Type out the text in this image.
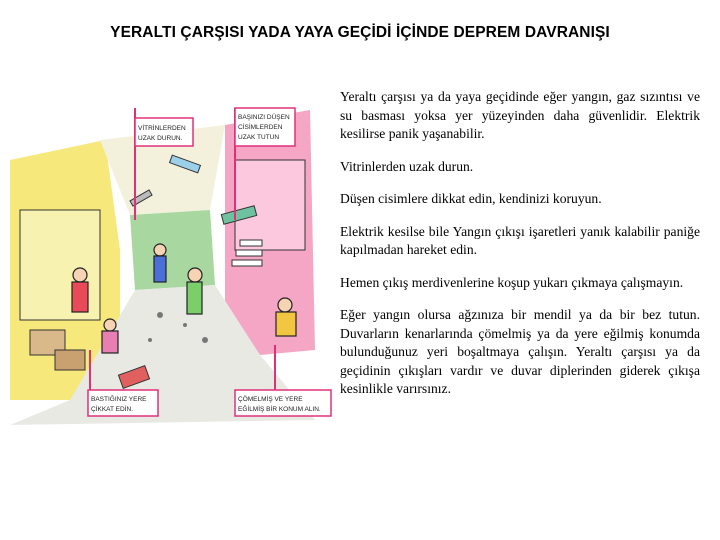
YERALTI ÇARŞISI YADA YAYA GEÇİDİ İÇİNDE DEPREM DAVRANIŞI
VİTRİNLERDEN
UZAK DURUN.
BAŞINIZI DÜŞEN
CİSİMLERDEN
UZAK TUTUN
BASTIĞINIZ YERE
ÇİKKAT EDİN.
ÇÖMELMİŞ VE YERE
EĞİLMİŞ BİR KONUM ALIN.

Yeraltı çarşısı ya da yaya geçidinde eğer yangın, gaz sızıntısı ve su basması yoksa yer yüzeyinden daha güvenlidir. Elektrik kesilirse panik yaşanabilir.

Vitrinlerden uzak durun.

Düşen cisimlere dikkat edin, kendinizi koruyun.

Elektrik kesilse bile Yangın çıkışı işaretleri yanık kalabilir paniğe kapılmadan hareket edin.

Hemen çıkış merdivenlerine koşup yukarı çıkmaya çalışmayın.

Eğer yangın olursa ağzınıza bir mendil ya da bir bez tutun. Duvarların kenarlarında çömelmiş ya da yere eğilmiş konumda bulunduğunuz yeri boşaltmaya çalışın. Yeraltı çarşısı ya da geçidinin çıkışları vardır ve duvar diplerinden giderek çıkışa kesinlikle varırsınız.
